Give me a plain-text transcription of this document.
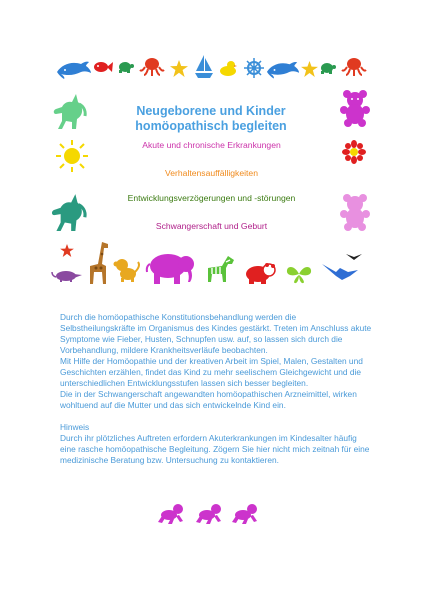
Neugeborene und Kinder homöopathisch begleiten
Akute und chronische Erkrankungen
Verhaltensauffälligkeiten
Entwicklungsverzögerungen und -störungen
Schwangerschaft und Geburt

Durch die homöopathische Konstitutionsbehandlung werden die Selbstheilungskräfte im Organismus des Kindes gestärkt. Treten im Anschluss akute Symptome wie Fieber, Husten, Schnupfen usw. auf, so lassen sich durch die Vorbehandlung, mildere Krankheitsverläufe beobachten.

Mit Hilfe der Homöopathie und der kreativen Arbeit im Spiel, Malen, Gestalten und Geschichten erzählen, findet das Kind zu mehr seelischem Gleichgewicht und die unterschiedlichen Entwicklungsstufen lassen sich besser begleiten.

Die in der Schwangerschaft angewandten homöopathischen Arzneimittel, wirken wohltuend auf die Mutter und das sich entwickelnde Kind ein.

Hinweis

Durch ihr plötzliches Auftreten erfordern Akuterkrankungen im Kindesalter häufig eine rasche homöopathische Begleitung. Zögern Sie hier nicht mich zeitnah für eine medizinische Beratung bzw. Untersuchung zu kontaktieren.
